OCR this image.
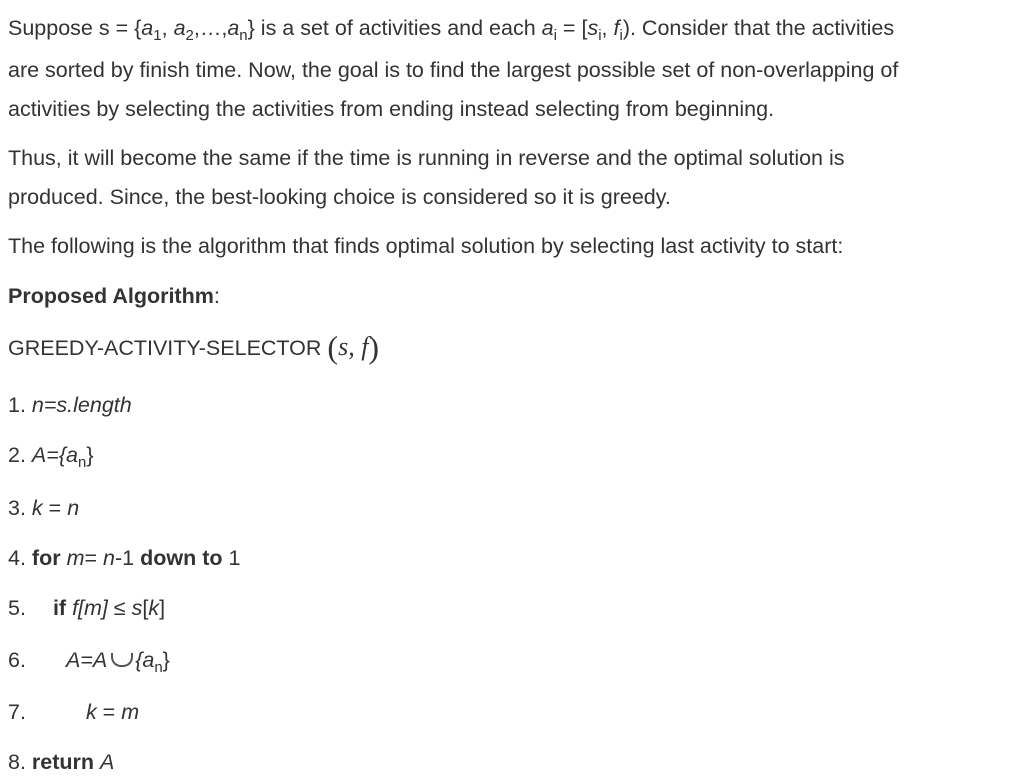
Suppose $s = \{a_1$, $a_2,\dots,a_n$} is a set of activities and each $a_i = [s_i$, $f_i$). Consider that the activities
are sorted by finish time. Now, the goal is to find the largest possible set of non-overlapping of
activities by selecting the activities from ending instead selecting from beginning.
Thus, it will become the same if the time is running in reverse and the optimal solution is
produced. Since, the best-looking choice is considered so it is greedy.
The following is the algorithm that finds optimal solution by selecting last activity to start:
Proposed Algorithm:
GREEDY-ACTIVITY-SELECTOR (s, f)
1. n=s.length
2. $A=\{a_n\}$
3. k = n
4. for m= n-1 down to 1
5. if f[m] ≤ s[k]
6. A=A $\{a_n\}$
7.	k = m
8. return A
